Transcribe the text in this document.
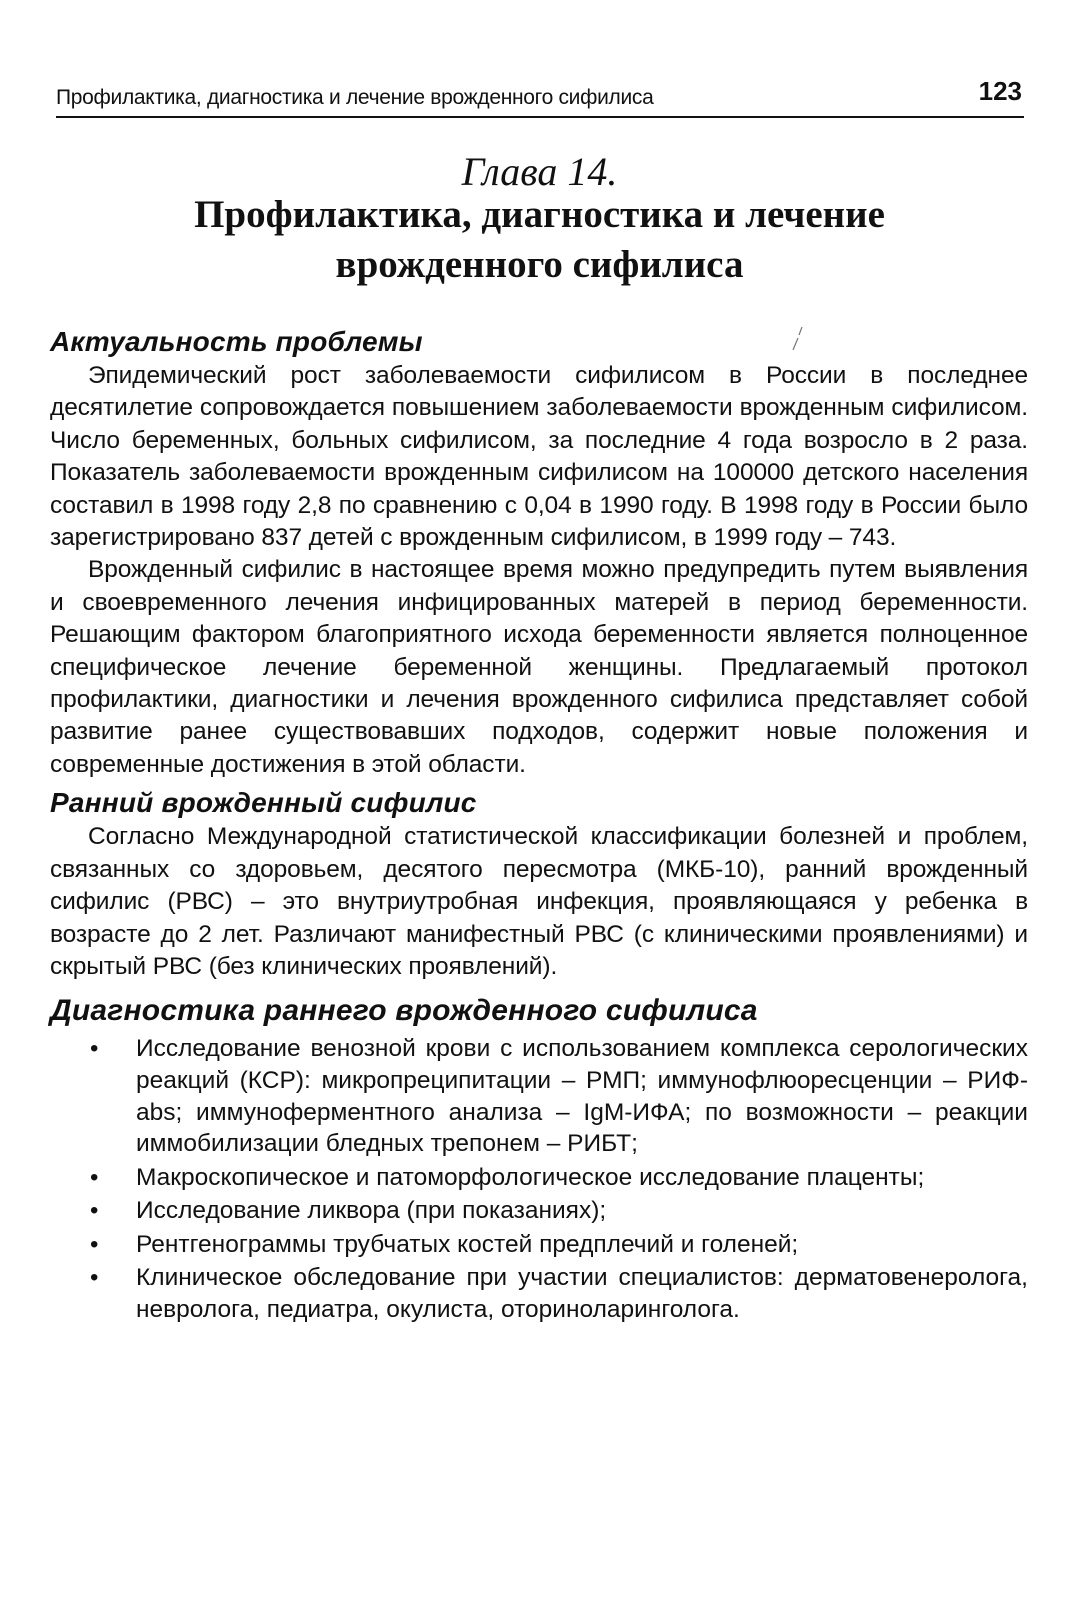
Профилактика, диагностика и лечение врожденного сифилиса	123
Глава 14.
Профилактика, диагностика и лечение
врожденного сифилиса
Актуальность проблемы

Эпидемический рост заболеваемости сифилисом в России в последнее десятилетие сопровождается повышением заболеваемости врожденным сифилисом. Число беременных, больных сифилисом, за последние 4 года возросло в 2 раза. Показатель заболеваемости врожденным сифилисом на 100000 детского населения составил в 1998 году 2,8 по сравнению с 0,04 в 1990 году. В 1998 году в России было зарегистрировано 837 детей с врожденным сифилисом, в 1999 году – 743.

Врожденный сифилис в настоящее время можно предупредить путем выявления и своевременного лечения инфицированных матерей в период беременности. Решающим фактором благоприятного исхода беременности является полноценное специфическое лечение беременной женщины. Предлагаемый протокол профилактики, диагностики и лечения врожденного сифилиса представляет собой развитие ранее существовавших подходов, содержит новые положения и современные достижения в этой области.

Ранний врожденный сифилис

Согласно Международной статистической классификации болезней и проблем, связанных со здоровьем, десятого пересмотра (МКБ-10), ранний врожденный сифилис (РВС) – это внутриутробная инфекция, проявляющаяся у ребенка в возрасте до 2 лет. Различают манифестный РВС (с клиническими проявлениями) и скрытый РВС (без клинических проявлений).

Диагностика раннего врожденного сифилиса
• Исследование венозной крови с использованием комплекса серологических реакций (КСР): микропреципитации – РМП; иммунофлюоресценции – РИФ-abs; иммуноферментного анализа – IgM-ИФА; по возможности – реакции иммобилизации бледных трепонем – РИБТ;
• Макроскопическое и патоморфологическое исследование плаценты;
• Исследование ликвора (при показаниях);
• Рентгенограммы трубчатых костей предплечий и голеней;
• Клиническое обследование при участии специалистов: дерматовенеролога, невролога, педиатра, окулиста, оториноларинголога.
